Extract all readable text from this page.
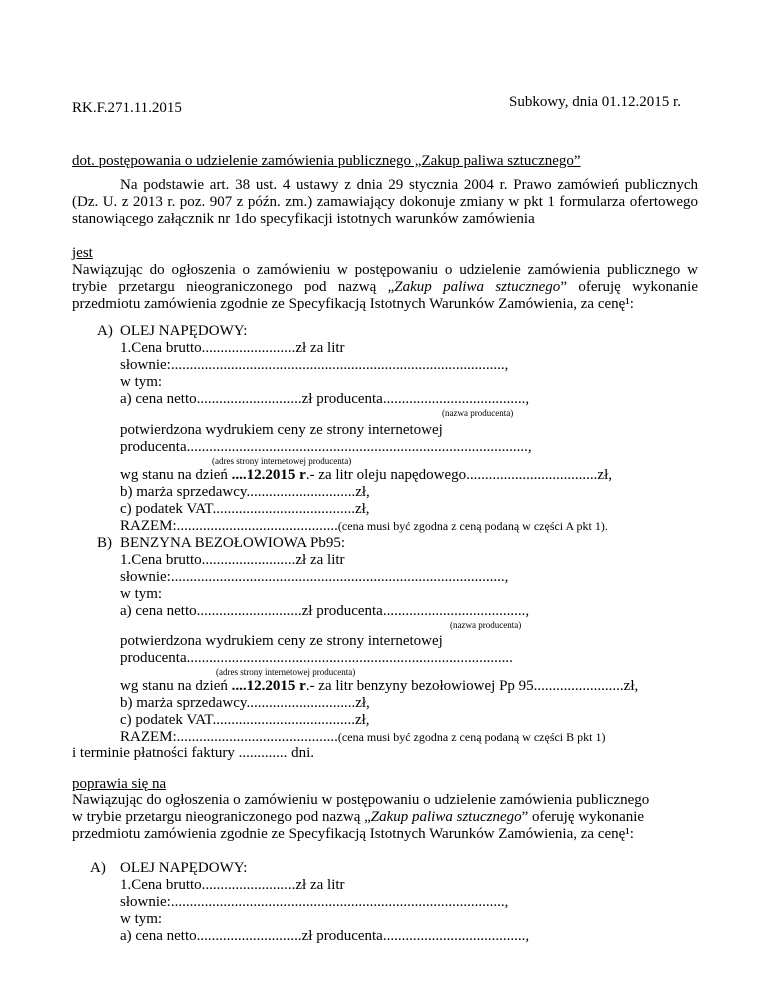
Subkowy, dnia 01.12.2015 r.
RK.F.271.11.2015
dot. postępowania o udzielenie zamówienia publicznego „Zakup paliwa sztucznego”
Na podstawie art. 38 ust. 4 ustawy z dnia 29 stycznia 2004 r. Prawo zamówień publicznych (Dz. U. z 2013 r. poz. 907 z późn. zm.) zamawiający dokonuje zmiany w pkt 1 formularza ofertowego stanowiącego załącznik nr 1do specyfikacji istotnych warunków zamówienia
jest
Nawiązując do ogłoszenia o zamówieniu w postępowaniu o udzielenie zamówienia publicznego w trybie przetargu nieograniczonego pod nazwą „Zakup paliwa sztucznego” oferuję wykonanie przedmiotu zamówienia zgodnie ze Specyfikacją Istotnych Warunków Zamówienia, za cenę¹:
A) OLEJ NAPĘDOWY:
1.Cena brutto.........................zł za litr
słownie:.........................................................................................,
w tym:
a) cena netto............................zł producenta......................................,
(nazwa producenta)
potwierdzona wydrukiem ceny ze strony internetowej
producenta...........................................................................................,
(adres strony internetowej producenta)
wg stanu na dzień ....12.2015 r.- za litr oleju napędowego...................................zł,
b) marża sprzedawcy.............................zł,
c) podatek VAT......................................zł,
RAZEM:...........................................(cena musi być zgodna z ceną podaną w części A pkt 1).
B) BENZYNA BEZOŁOWIOWA Pb95:
1.Cena brutto.........................zł za litr
słownie:.........................................................................................,
w tym:
a) cena netto............................zł producenta......................................,
(nazwa producenta)
potwierdzona wydrukiem ceny ze strony internetowej
producenta.......................................................................................
(adres strony internetowej producenta)
wg stanu na dzień ....12.2015 r.- za litr benzyny bezołowiowej Pp 95........................zł,
b) marża sprzedawcy.............................zł,
c) podatek VAT......................................zł,
RAZEM:...........................................(cena musi być zgodna z ceną podaną w części B pkt 1)
i terminie płatności faktury ............. dni.
poprawia się na
Nawiązując do ogłoszenia o zamówieniu w postępowaniu o udzielenie zamówienia publicznego
w trybie przetargu nieograniczonego pod nazwą „Zakup paliwa sztucznego” oferuję wykonanie
przedmiotu zamówienia zgodnie ze Specyfikacją Istotnych Warunków Zamówienia, za cenę¹:
A) OLEJ NAPĘDOWY:
1.Cena brutto.........................zł za litr
słownie:.........................................................................................,
w tym:
a) cena netto............................zł producenta......................................,
